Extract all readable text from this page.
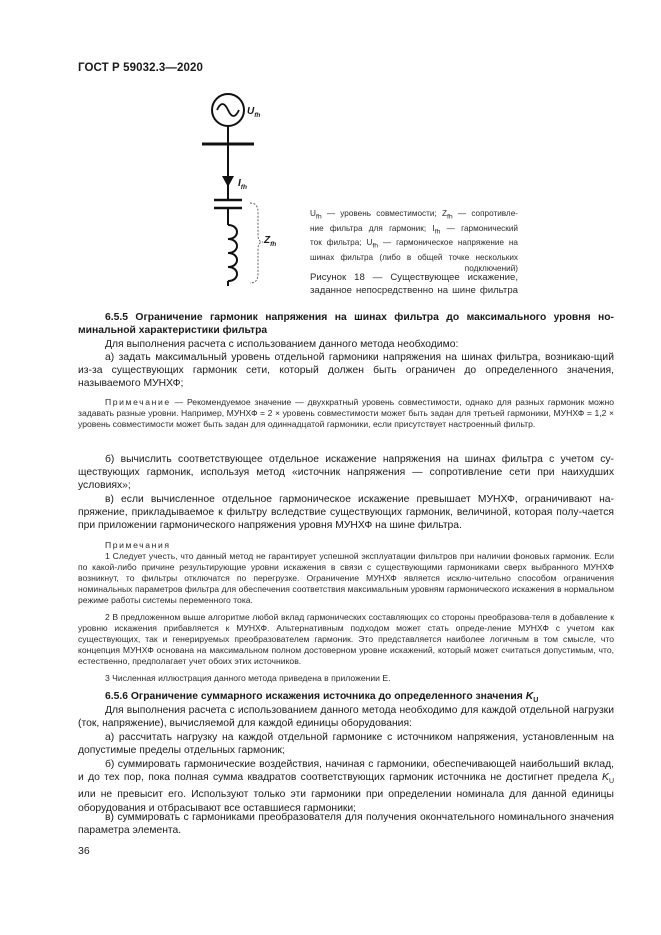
ГОСТ Р 59032.3—2020
$U_{fh}$
$I_{fh}$
$Z_{fh}$
$U_{fh}$ — уровень совместимости; $Z_{fh}$ — сопротивле-
ние фильтра для гармоник; $I_{fh}$ — гармонический
ток фильтра; $U_{fh}$ — гармоническое напряжение на
шинах фильтра (либо в общей точке нескольких
подключений)
Рисунок 18 — Существующее искажение,
заданное непосредственно на шине фильтра
6.5.5 Ограничение гармоник напряжения на шинах фильтра до максимального уровня но-
минальной характеристики фильтра

Для выполнения расчета с использованием данного метода необходимо:

а) задать максимальный уровень отдельной гармоники напряжения на шинах фильтра, возникаю-щий из-за существующих гармоник сети, который должен быть ограничен до определенного значения, называемого МУНХФ;

Примечание — Рекомендуемое значение — двухкратный уровень совместимости, однако для разных гармоник можно задавать разные уровни. Например, МУНХФ = 2 × уровень совместимости может быть задан для третьей гармоники, МУНХФ = 1,2 × уровень совместимости может быть задан для одиннадцатой гармоники, если присутствует настроенный фильтр.

б) вычислить соответствующее отдельное искажение напряжения на шинах фильтра с учетом су-ществующих гармоник, используя метод «источник напряжения — сопротивление сети при наихудших условиях»;

в) если вычисленное отдельное гармоническое искажение превышает МУНХФ, ограничивают на-пряжение, прикладываемое к фильтру вследствие существующих гармоник, величиной, которая полу-чается при приложении гармонического напряжения уровня МУНХФ на шине фильтра.

Примечания

1 Следует учесть, что данный метод не гарантирует успешной эксплуатации фильтров при наличии фоновых гармоник. Если по какой-либо причине результирующие уровни искажения в связи с существующими гармониками сверх выбранного МУНХФ возникнут, то фильтры отключатся по перегрузке. Ограничение МУНХФ является исклю-чительно способом ограничения номинальных параметров фильтра для обеспечения соответствия максимальным уровням гармонического искажения в нормальном режиме работы системы переменного тока.

2 В предложенном выше алгоритме любой вклад гармонических составляющих со стороны преобразова-теля в добавление к уровню искажения прибавляется к МУНХФ. Альтернативным подходом может стать опреде-ление МУНХФ с учетом как существующих, так и генерируемых преобразователем гармоник. Это представляется наиболее логичным в том смысле, что концепция МУНХФ основана на максимальном полном достоверном уровне искажений, который может считаться допустимым, что, естественно, предполагает учет обоих этих источников.

3 Численная иллюстрация данного метода приведена в приложении Е.

6.5.6 Ограничение суммарного искажения источника до определенного значения $K_U$

Для выполнения расчета с использованием данного метода необходимо для каждой отдельной нагрузки (ток, напряжение), вычисляемой для каждой единицы оборудования:

а) рассчитать нагрузку на каждой отдельной гармонике с источником напряжения, установленным на допустимые пределы отдельных гармоник;

б) суммировать гармонические воздействия, начиная с гармоники, обеспечивающей наибольший вклад, и до тех пор, пока полная сумма квадратов соответствующих гармоник источника не достигнет предела $K_U$ или не превысит его. Используют только эти гармоники при определении номинала для данной единицы оборудования и отбрасывают все оставшиеся гармоники;

в) суммировать с гармониками преобразователя для получения окончательного номинального значения параметра элемента.

36
